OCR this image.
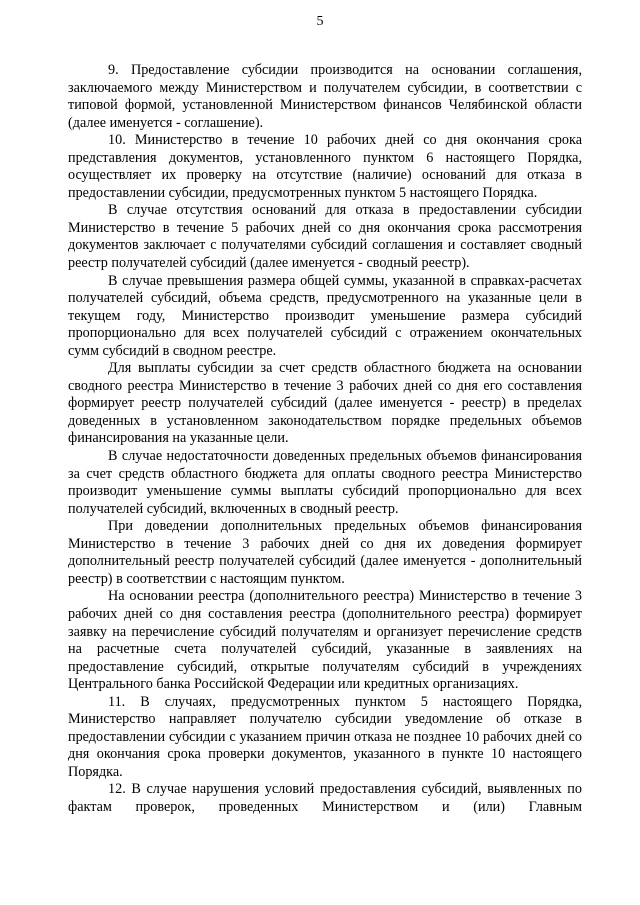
5

9. Предоставление субсидии производится на основании соглашения, заключаемого между Министерством и получателем субсидии, в соответствии с типовой формой, установленной Министерством финансов Челябинской области (далее именуется - соглашение).

10. Министерство в течение 10 рабочих дней со дня окончания срока представления документов, установленного пунктом 6 настоящего Порядка, осуществляет их проверку на отсутствие (наличие) оснований для отказа в предоставлении субсидии, предусмотренных пунктом 5 настоящего Порядка.

В случае отсутствия оснований для отказа в предоставлении субсидии Министерство в течение 5 рабочих дней со дня окончания срока рассмотрения документов заключает с получателями субсидий соглашения и составляет сводный реестр получателей субсидий (далее именуется - сводный реестр).

В случае превышения размера общей суммы, указанной в справках-расчетах получателей субсидий, объема средств, предусмотренного на указанные цели в текущем году, Министерство производит уменьшение размера субсидий пропорционально для всех получателей субсидий с отражением окончательных сумм субсидий в сводном реестре.

Для выплаты субсидии за счет средств областного бюджета на основании сводного реестра Министерство в течение 3 рабочих дней со дня его составления формирует реестр получателей субсидий (далее именуется - реестр) в пределах доведенных в установленном законодательством порядке предельных объемов финансирования на указанные цели.

В случае недостаточности доведенных предельных объемов финансирования за счет средств областного бюджета для оплаты сводного реестра Министерство производит уменьшение суммы выплаты субсидий пропорционально для всех получателей субсидий, включенных в сводный реестр.

При доведении дополнительных предельных объемов финансирования Министерство в течение 3 рабочих дней со дня их доведения формирует дополнительный реестр получателей субсидий (далее именуется - дополнительный реестр) в соответствии с настоящим пунктом.

На основании реестра (дополнительного реестра) Министерство в течение 3 рабочих дней со дня составления реестра (дополнительного реестра) формирует заявку на перечисление субсидий получателям и организует перечисление средств на расчетные счета получателей субсидий, указанные в заявлениях на предоставление субсидий, открытые получателям субсидий в учреждениях Центрального банка Российской Федерации или кредитных организациях.

11. В случаях, предусмотренных пунктом 5 настоящего Порядка, Министерство направляет получателю субсидии уведомление об отказе в предоставлении субсидии с указанием причин отказа не позднее 10 рабочих дней со дня окончания срока проверки документов, указанного в пункте 10 настоящего Порядка.

12. В случае нарушения условий предоставления субсидий, выявленных по фактам проверок, проведенных Министерством и (или) Главным
